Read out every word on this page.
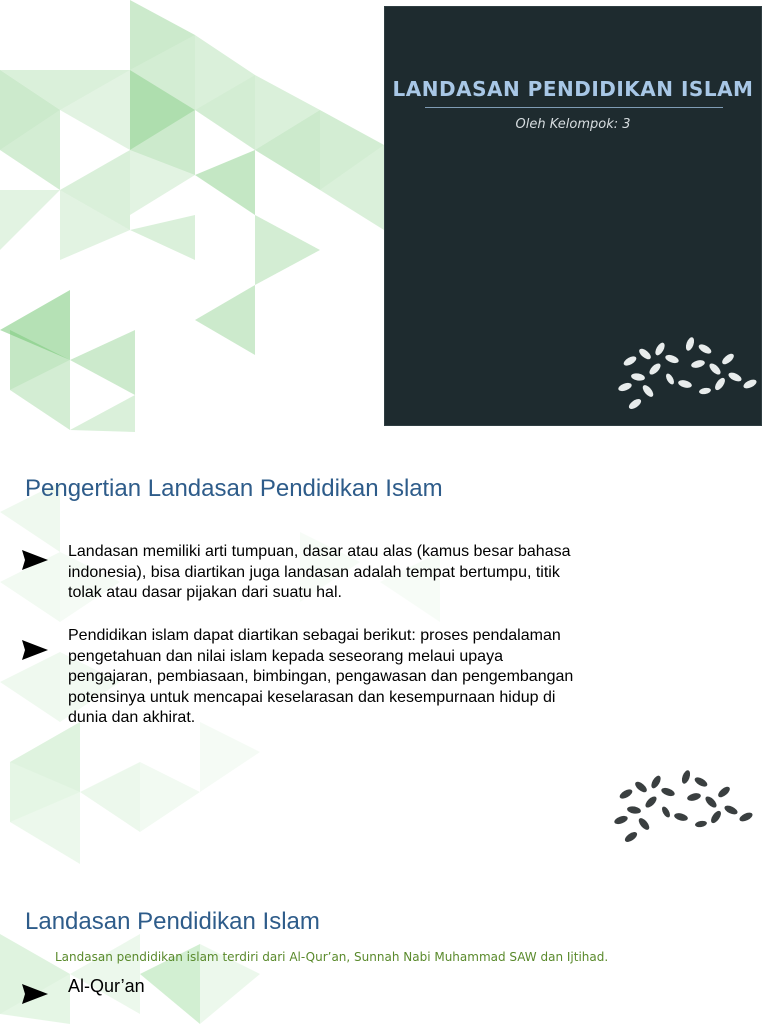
LANDASAN PENDIDIKAN ISLAM
Oleh Kelompok: 3
Pengertian Landasan Pendidikan Islam
Landasan memiliki arti tumpuan, dasar atau alas (kamus besar bahasa
indonesia), bisa diartikan juga landasan adalah tempat bertumpu, titik
tolak atau dasar pijakan dari suatu hal.
Pendidikan islam dapat diartikan sebagai berikut: proses pendalaman
pengetahuan dan nilai islam kepada seseorang melaui upaya
pengajaran, pembiasaan, bimbingan, pengawasan dan pengembangan
potensinya untuk mencapai keselarasan dan kesempurnaan hidup di
dunia dan akhirat.
Landasan Pendidikan Islam
Landasan pendidikan islam terdiri dari Al-Qur’an, Sunnah Nabi Muhammad SAW dan Ijtihad.
Al-Qur’an
